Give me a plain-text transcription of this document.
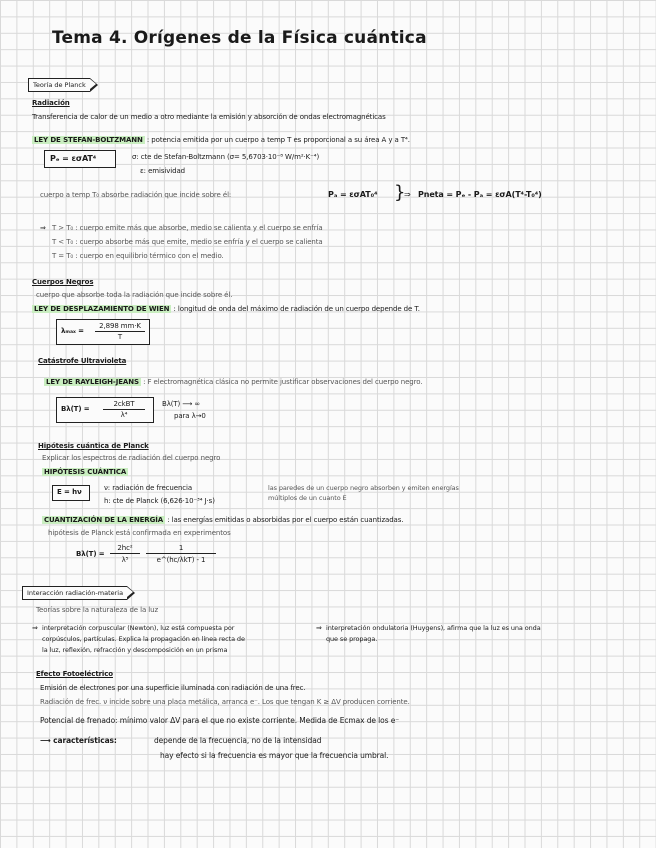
Tema 4. Orígenes de la Física cuántica
Teoría de Planck
Radiación
Transferencia de calor de un medio a otro mediante la emisión y absorción de ondas electromagnéticas
LEY DE STEFAN-BOLTZMANN : potencia emitida por un cuerpo a temp T es proporcional a su área A y a T⁴.
Pₑ = εσAT⁴	σ: cte de Stefan-Boltzmann (σ= 5,6703·10⁻⁸ W/m²·K⁻⁴)
ε: emisividad
cuerpo a temp T₀ absorbe radiación que incide sobre él:	Pₐ = εσAT₀⁴ }
⇒ Pneta = Pₑ - Pₐ = εσA(T⁴-T₀⁴)
⇒ T > T₀ : cuerpo emite más que absorbe, medio se calienta y el cuerpo se enfría
T < T₀ : cuerpo absorbe más que emite, medio se enfría y el cuerpo se calienta
T = T₀ : cuerpo en equilibrio térmico con el medio.
Cuerpos Negros
cuerpo que absorbe toda la radiación que incide sobre él.
LEY DE DESPLAZAMIENTO DE WIEN : longitud de onda del máximo de radiación de un cuerpo depende de T.
λₘₐₓ =
2,898 mm·K
T
Catástrofe Ultravioleta
LEY DE RAYLEIGH-JEANS : F electromagnética clásica no permite justificar observaciones del cuerpo negro.
Bλ(T) =
2ckBT
λ⁴
Bλ(T) ⟶ ∞
para λ→0
Hipótesis cuántica de Planck
Explicar los espectros de radiación del cuerpo negro
HIPÓTESIS CUÁNTICA
E = hν	ν: radiación de frecuencia
h: cte de Planck (6,626·10⁻³⁴ J·s)
las paredes de un cuerpo negro absorben y emiten energías
múltiplos de un cuanto E
CUANTIZACIÓN DE LA ENERGÍA : las energías emitidas o absorbidas por el cuerpo están cuantizadas.
hipótesis de Planck está confirmada en experimentos
Bλ(T) =
2hc²
λ⁵
1
e^(hc/λkT) - 1
Interacción radiación-materia
Teorías sobre la naturaleza de la luz
⇒ interpretación corpuscular (Newton), luz está compuesta por
corpúsculos, partículas. Explica la propagación en línea recta de
la luz, reflexión, refracción y descomposición en un prisma
⇒ interpretación ondulatoria (Huygens), afirma que la luz es una onda
que se propaga.
Efecto Fotoeléctrico
Emisión de electrones por una superficie iluminada con radiación de una frec.
Radiación de frec. ν incide sobre una placa metálica, arranca e⁻. Los que tengan K ≥ ΔV producen corriente.
Potencial de frenado: mínimo valor ΔV para el que no existe corriente. Medida de Ecmax de los e⁻
⟶ características:	depende de la frecuencia, no de la intensidad
hay efecto si la frecuencia es mayor que la frecuencia umbral.
